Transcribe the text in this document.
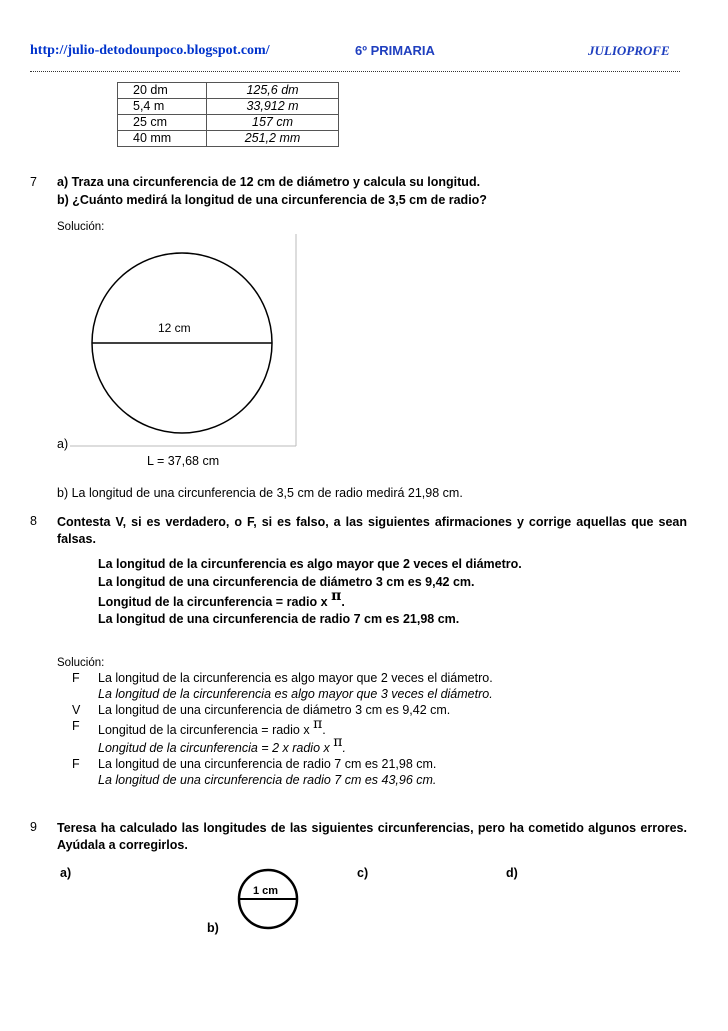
http://julio-detodounpoco.blogspot.com/	6º PRIMARIA	JULIOPROFE
20 dm	125,6 dm
5,4 m	33,912 m
25 cm	157 cm
40 mm	251,2 mm
7 a) Traza una circunferencia de 12 cm de diámetro y calcula su longitud.
b) ¿Cuánto medirá la longitud de una circunferencia de 3,5 cm de radio?
Solución:
12 cm
a)
L = 37,68 cm
b) La longitud de una circunferencia de 3,5 cm de radio medirá 21,98 cm.
8 Contesta V, si es verdadero, o F, si es falso, a las siguientes afirmaciones y corrige aquellas que sean falsas.
La longitud de la circunferencia es algo mayor que 2 veces el diámetro.
La longitud de una circunferencia de diámetro 3 cm es 9,42 cm.
Longitud de la circunferencia = radio x π.
La longitud de una circunferencia de radio 7 cm es 21,98 cm.
Solución:
F La longitud de la circunferencia es algo mayor que 2 veces el diámetro.
La longitud de la circunferencia es algo mayor que 3 veces el diámetro.
V La longitud de una circunferencia de diámetro 3 cm es 9,42 cm.
F Longitud de la circunferencia = radio x π.
Longitud de la circunferencia = 2 x radio x π.
F La longitud de una circunferencia de radio 7 cm es 21,98 cm.
La longitud de una circunferencia de radio 7 cm es 43,96 cm.
9 Teresa ha calculado las longitudes de las siguientes circunferencias, pero ha cometido algunos errores. Ayúdala a corregirlos.
a)	c)	d)
b)
1 cm
